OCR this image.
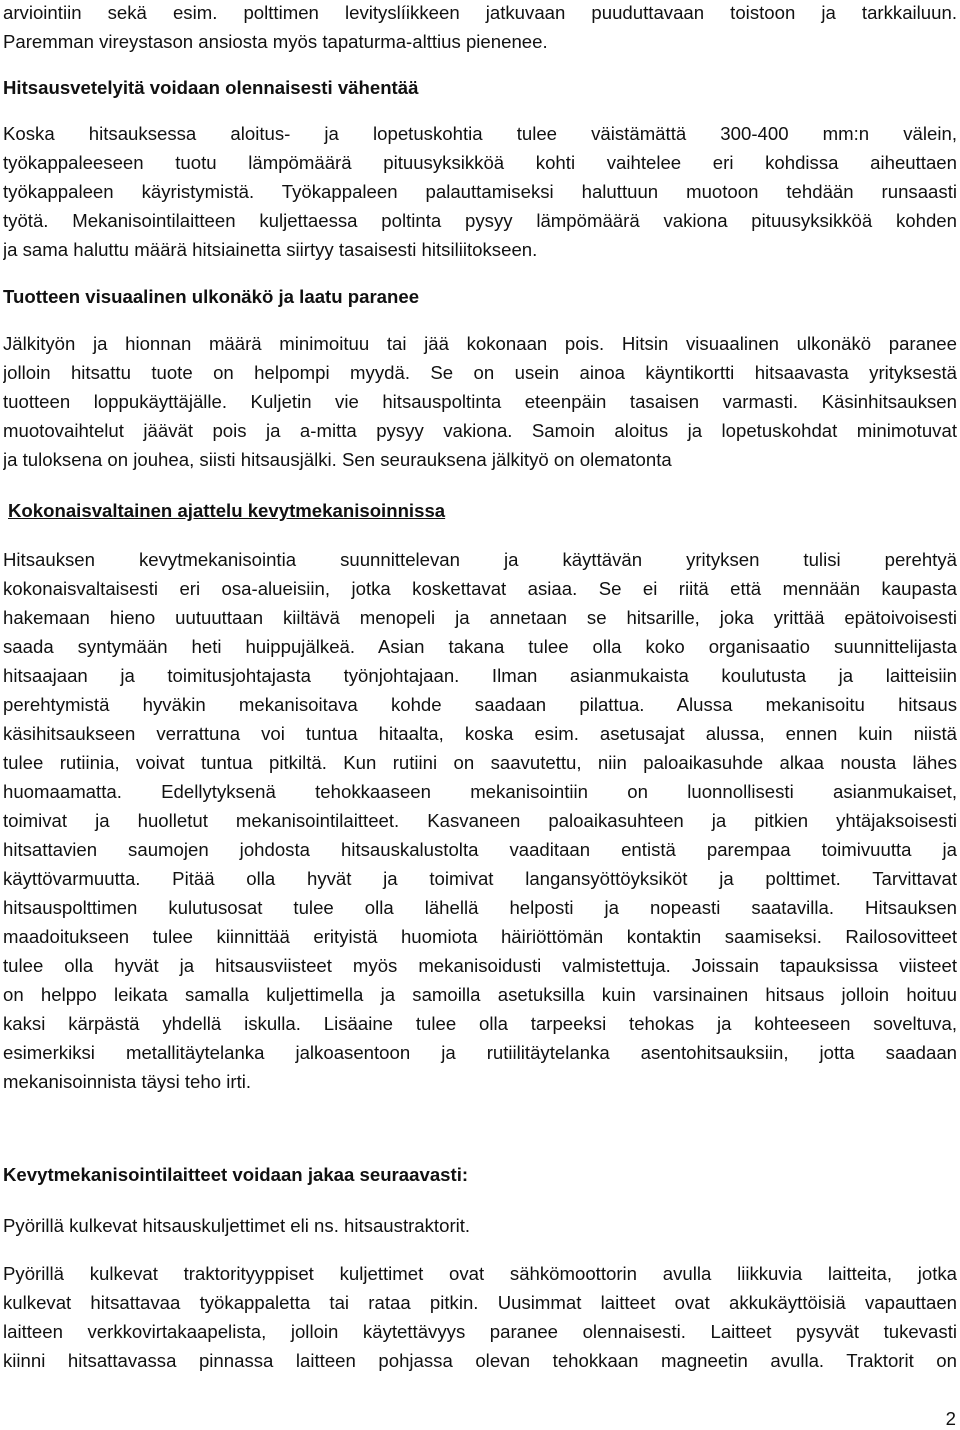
arviointiin sekä esim. polttimen levityslíikkeen jatkuvaan puuduttavaan toistoon ja tarkkailuun.
Paremman vireystason ansiosta myös tapaturma-alttius pienenee.
Hitsausvetelyitä voidaan olennaisesti vähentää
Koska hitsauksessa aloitus- ja lopetuskohtia tulee väistämättä 300-400 mm:n välein,
työkappaleeseen tuotu lämpömäärä pituusyksikköä kohti vaihtelee eri kohdissa aiheuttaen
työkappaleen käyristymistä. Työkappaleen palauttamiseksi haluttuun muotoon tehdään runsaasti
työtä. Mekanisointilaitteen kuljettaessa poltinta pysyy lämpömäärä vakiona pituusyksikköä kohden
ja sama haluttu määrä hitsiainetta siirtyy tasaisesti hitsiliitokseen.
Tuotteen visuaalinen ulkonäkö ja laatu paranee
Jälkityön ja hionnan määrä minimoituu tai jää kokonaan pois. Hitsin visuaalinen ulkonäkö paranee
jolloin hitsattu tuote on helpompi myydä. Se on usein ainoa käyntikortti hitsaavasta yrityksestä
tuotteen loppukäyttäjälle. Kuljetin vie hitsauspoltinta eteenpäin tasaisen varmasti. Käsinhitsauksen
muotovaihtelut jäävät pois ja a-mitta pysyy vakiona. Samoin aloitus ja lopetuskohdat minimotuvat
ja tuloksena on jouhea, siisti hitsausjälki. Sen seurauksena jälkityö on olematonta
Kokonaisvaltainen ajattelu kevytmekanisoinnissa
Hitsauksen kevytmekanisointia suunnittelevan ja käyttävän yrityksen tulisi perehtyä
kokonaisvaltaisesti eri osa-alueisiin, jotka koskettavat asiaa. Se ei riitä että mennään kaupasta
hakemaan hieno uutuuttaan kiiltävä menopeli ja annetaan se hitsarille, joka yrittää epätoivoisesti
saada syntymään heti huippujälkeä. Asian takana tulee olla koko organisaatio suunnittelijasta
hitsaajaan ja toimitusjohtajasta työnjohtajaan. Ilman asianmukaista koulutusta ja laitteisiin
perehtymistä hyväkin mekanisoitava kohde saadaan pilattua. Alussa mekanisoitu hitsaus
käsihitsaukseen verrattuna voi tuntua hitaalta, koska esim. asetusajat alussa, ennen kuin niistä
tulee rutiinia, voivat tuntua pitkiltä. Kun rutiini on saavutettu, niin paloaikasuhde alkaa nousta lähes
huomaamatta. Edellytyksenä tehokkaaseen mekanisointiin on luonnollisesti asianmukaiset,
toimivat ja huolletut mekanisointilaitteet. Kasvaneen paloaikasuhteen ja pitkien yhtäjaksoisesti
hitsattavien saumojen johdosta hitsauskalustolta vaaditaan entistä parempaa toimivuutta ja
käyttövarmuutta. Pitää olla hyvät ja toimivat langansyöttöyksiköt ja polttimet. Tarvittavat
hitsauspolttimen kulutusosat tulee olla lähellä helposti ja nopeasti saatavilla. Hitsauksen
maadoitukseen tulee kiinnittää erityistä huomiota häiriöttömän kontaktin saamiseksi. Railosovitteet
tulee olla hyvät ja hitsausviisteet myös mekanisoidusti valmistettuja. Joissain tapauksissa viisteet
on helppo leikata samalla kuljettimella ja samoilla asetuksilla kuin varsinainen hitsaus jolloin hoituu
kaksi kärpästä yhdellä iskulla. Lisäaine tulee olla tarpeeksi tehokas ja kohteeseen soveltuva,
esimerkiksi metallitäytelanka jalkoasentoon ja rutiilitäytelanka asentohitsauksiin, jotta saadaan
mekanisoinnista täysi teho irti.
Kevytmekanisointilaitteet voidaan jakaa seuraavasti:
Pyörillä kulkevat hitsauskuljettimet eli ns. hitsaustraktorit.
Pyörillä kulkevat traktorityyppiset kuljettimet ovat sähkömoottorin avulla liikkuvia laitteita, jotka
kulkevat hitsattavaa työkappaletta tai rataa pitkin. Uusimmat laitteet ovat akkukäyttöisiä vapauttaen
laitteen verkkovirtakaapelista, jolloin käytettävyys paranee olennaisesti. Laitteet pysyvät tukevasti
kiinni hitsattavassa pinnassa laitteen pohjassa olevan tehokkaan magneetin avulla. Traktorit on
2
